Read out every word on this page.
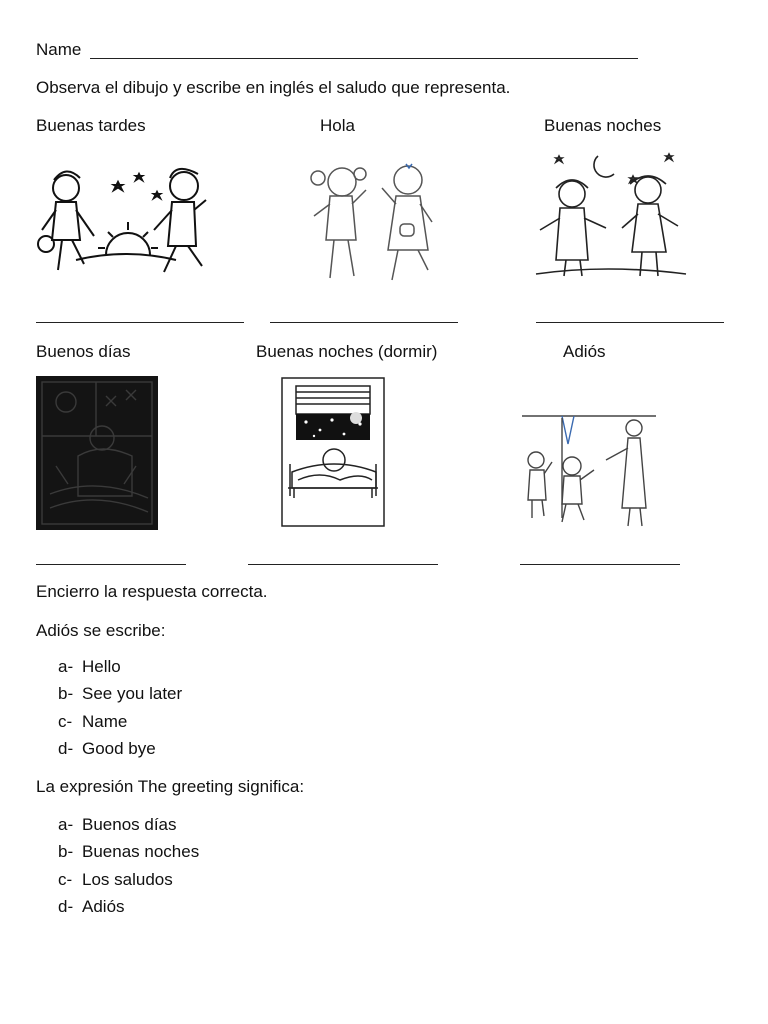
Name
Observa el dibujo y escribe en inglés el saludo que representa.
Buenas tardes	Hola	Buenas noches
Buenos días	Buenas noches (dormir)	Adiós
Encierro la respuesta correcta.
Adiós se escribe:
a- Hello
b- See you later
c- Name
d- Good bye
La expresión The greeting significa:
a- Buenos días
b- Buenas noches
c- Los saludos
d- Adiós
